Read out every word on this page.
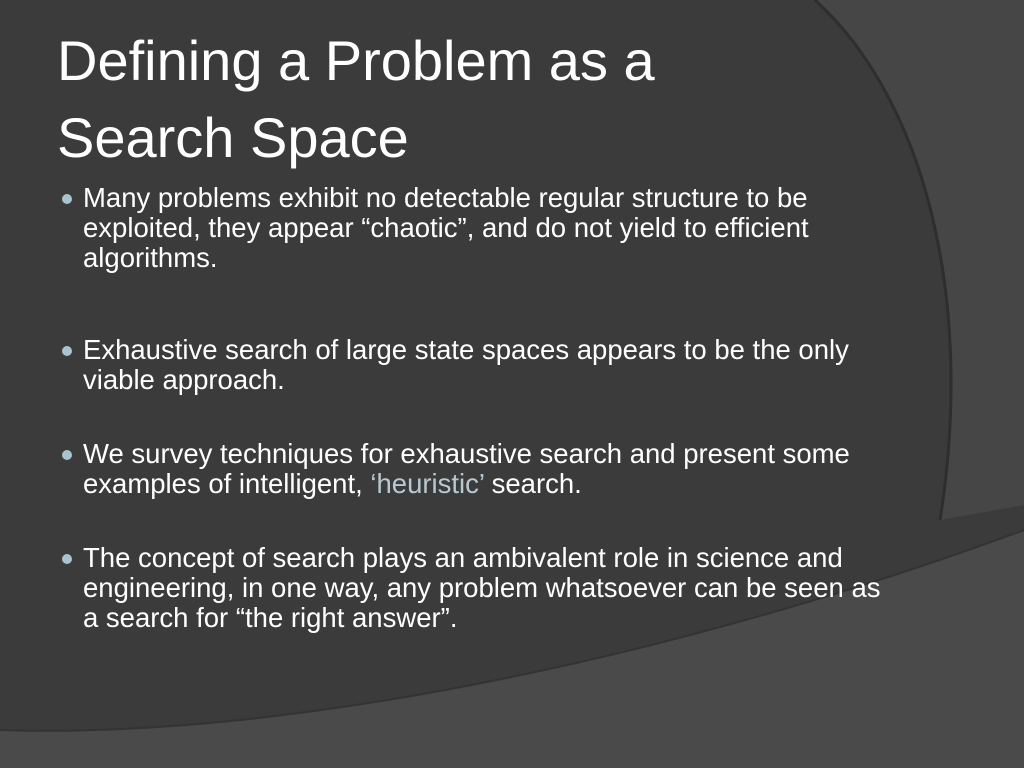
Defining a Problem as a Search Space
Many problems exhibit no detectable regular structure to be exploited, they appear “chaotic”, and do not yield to efficient algorithms.
Exhaustive search of large state spaces appears to be the only viable approach.
We survey techniques for exhaustive search and present some examples of intelligent, ‘heuristic’ search.
The concept of search plays an ambivalent role in science and engineering, in one way, any problem whatsoever can be seen as a search for “the right answer”.
